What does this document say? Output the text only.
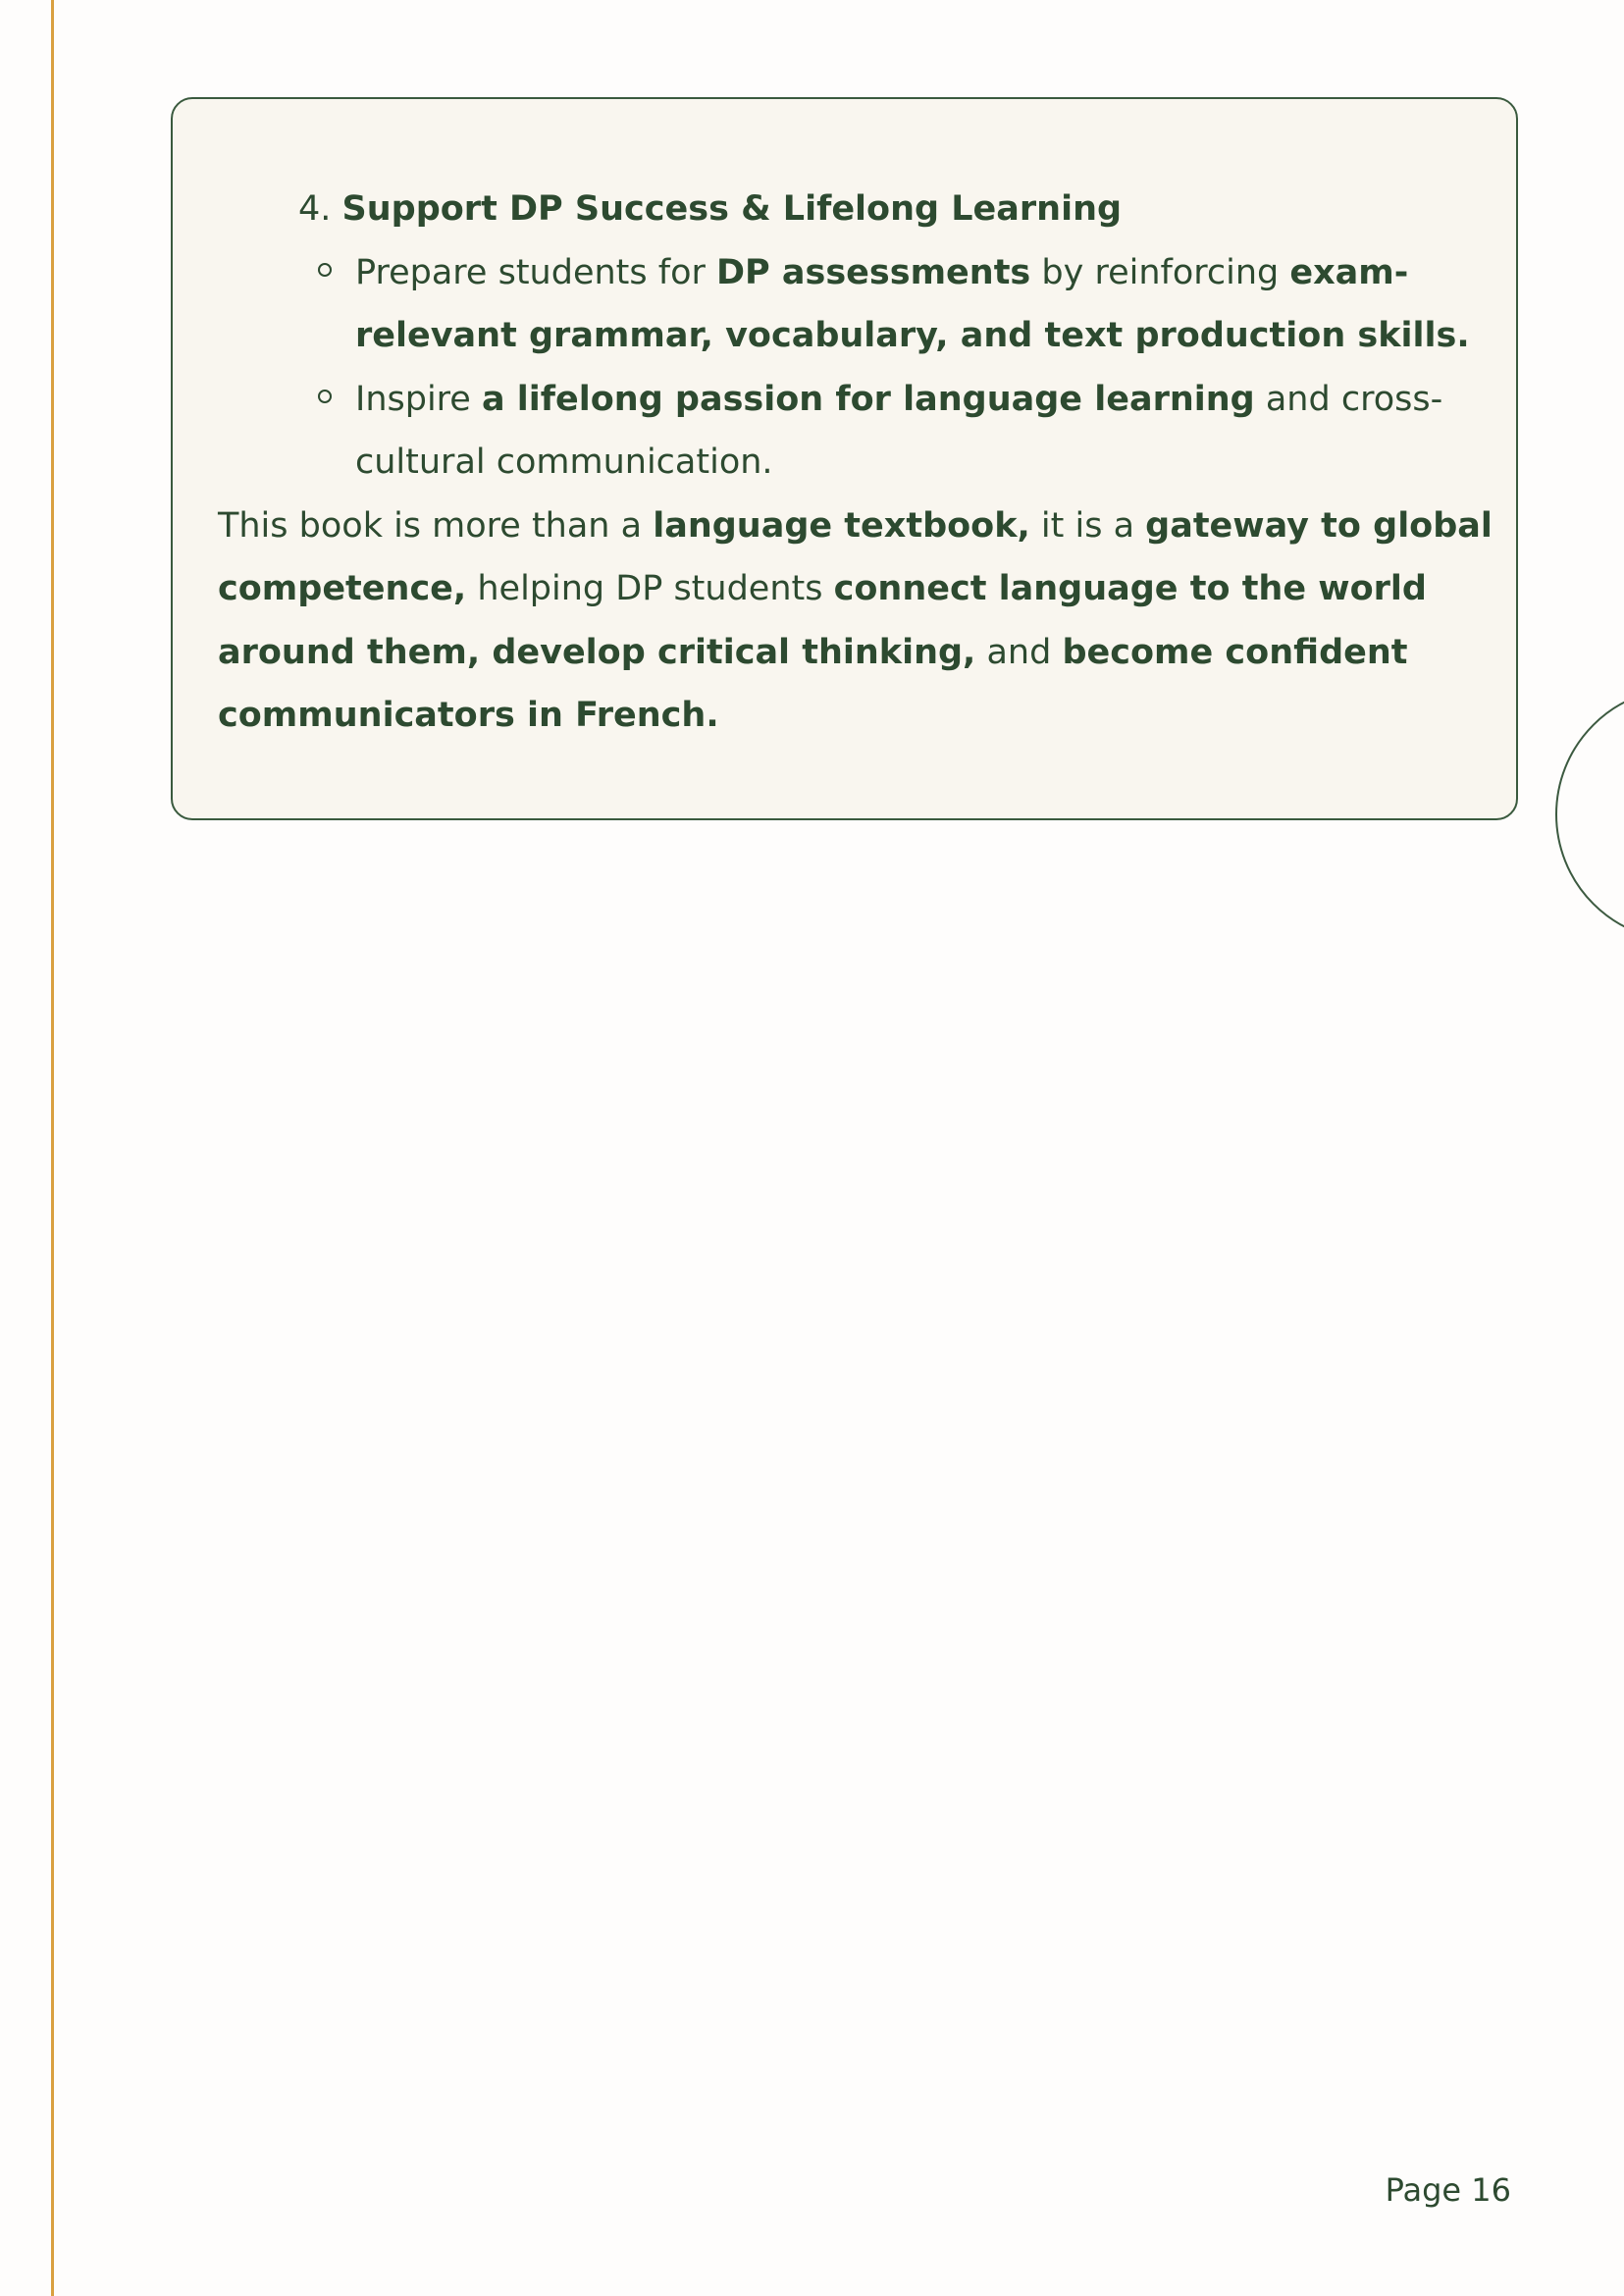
4. Support DP Success & Lifelong Learning
Prepare students for DP assessments by reinforcing exam-
relevant grammar, vocabulary, and text production skills.
Inspire a lifelong passion for language learning and cross-
cultural communication.
This book is more than a language textbook, it is a gateway to global
competence, helping DP students connect language to the world
around them, develop critical thinking, and become confident
communicators in French.
Page 16
